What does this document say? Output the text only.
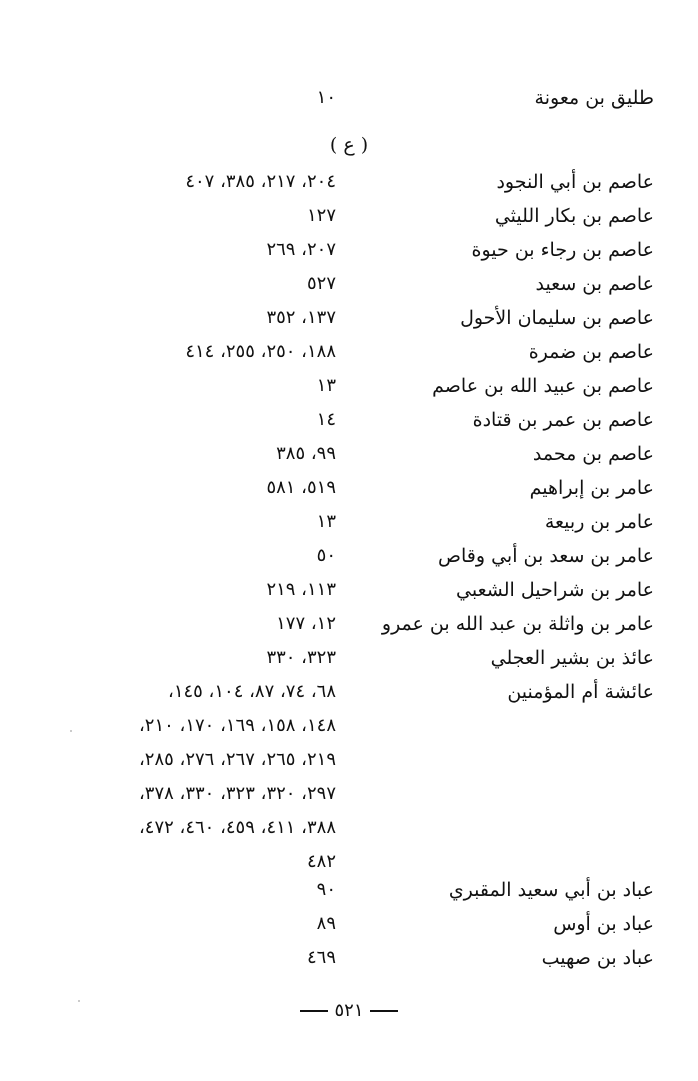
طليق بن معونة
١٠
( ع )
عاصم بن أبي النجود
٢٠٤، ٢١٧، ٣٨٥، ٤٠٧
عاصم بن بكار الليثي
١٢٧
عاصم بن رجاء بن حيوة
٢٠٧، ٢٦٩
عاصم بن سعيد
٥٢٧
عاصم بن سليمان الأحول
١٣٧، ٣٥٢
عاصم بن ضمرة
١٨٨، ٢٥٠، ٢٥٥، ٤١٤
عاصم بن عبيد الله بن عاصم
١٣
عاصم بن عمر بن قتادة
١٤
عاصم بن محمد
٩٩، ٣٨٥
عامر بن إبراهيم
٥١٩، ٥٨١
عامر بن ربيعة
١٣
عامر بن سعد بن أبي وقاص
٥٠
عامر بن شراحيل الشعبي
١١٣، ٢١٩
عامر بن واثلة بن عبد الله بن عمرو
١٢، ١٧٧
عائذ بن بشير العجلي
٣٢٣، ٣٣٠
عائشة أم المؤمنين
٦٨، ٧٤، ٨٧، ١٠٤، ١٤٥،
١٤٨، ١٥٨، ١٦٩، ١٧٠، ٢١٠،
٢١٩، ٢٦٥، ٢٦٧، ٢٧٦، ٢٨٥،
٢٩٧، ٣٢٠، ٣٢٣، ٣٣٠، ٣٧٨،
٣٨٨، ٤١١، ٤٥٩، ٤٦٠، ٤٧٢،
٤٨٢
عباد بن أبي سعيد المقبري
٩٠
عباد بن أوس
٨٩
عباد بن صهيب
٤٦٩
٥٢١
